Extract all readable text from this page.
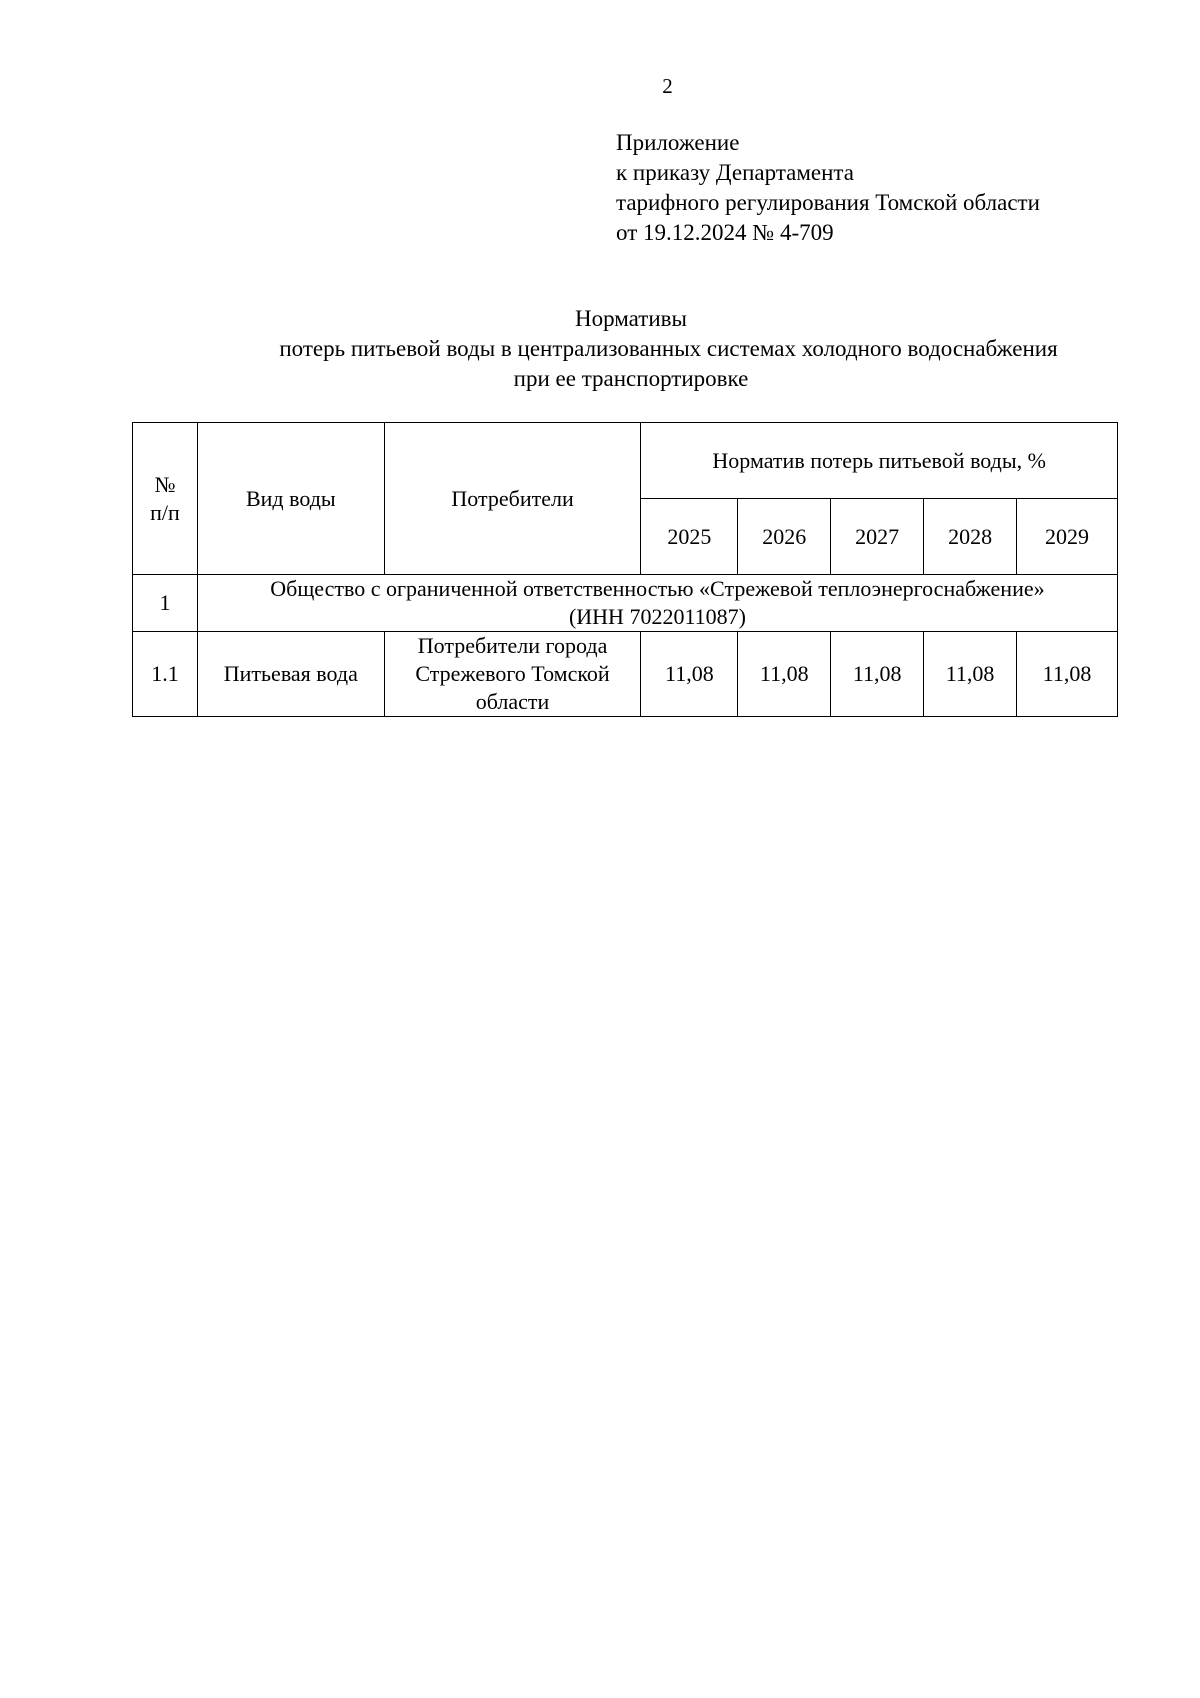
2
Приложение
к приказу Департамента
тарифного регулирования Томской области
от 19.12.2024 № 4-709
Нормативы
потерь питьевой воды в централизованных системах холодного водоснабжения
при ее транспортировке
№
п/п	Вид воды	Потребители	Норматив потерь питьевой воды, %				
			2025	2026	2027	2028	2029
1	Общество с ограниченной ответственностью «Стрежевой теплоэнергоснабжение»
(ИНН 7022011087)						

1.1	Питьевая вода	Потребители города
Стрежевого Томской
области	11,08	11,08	11,08	11,08	11,08
